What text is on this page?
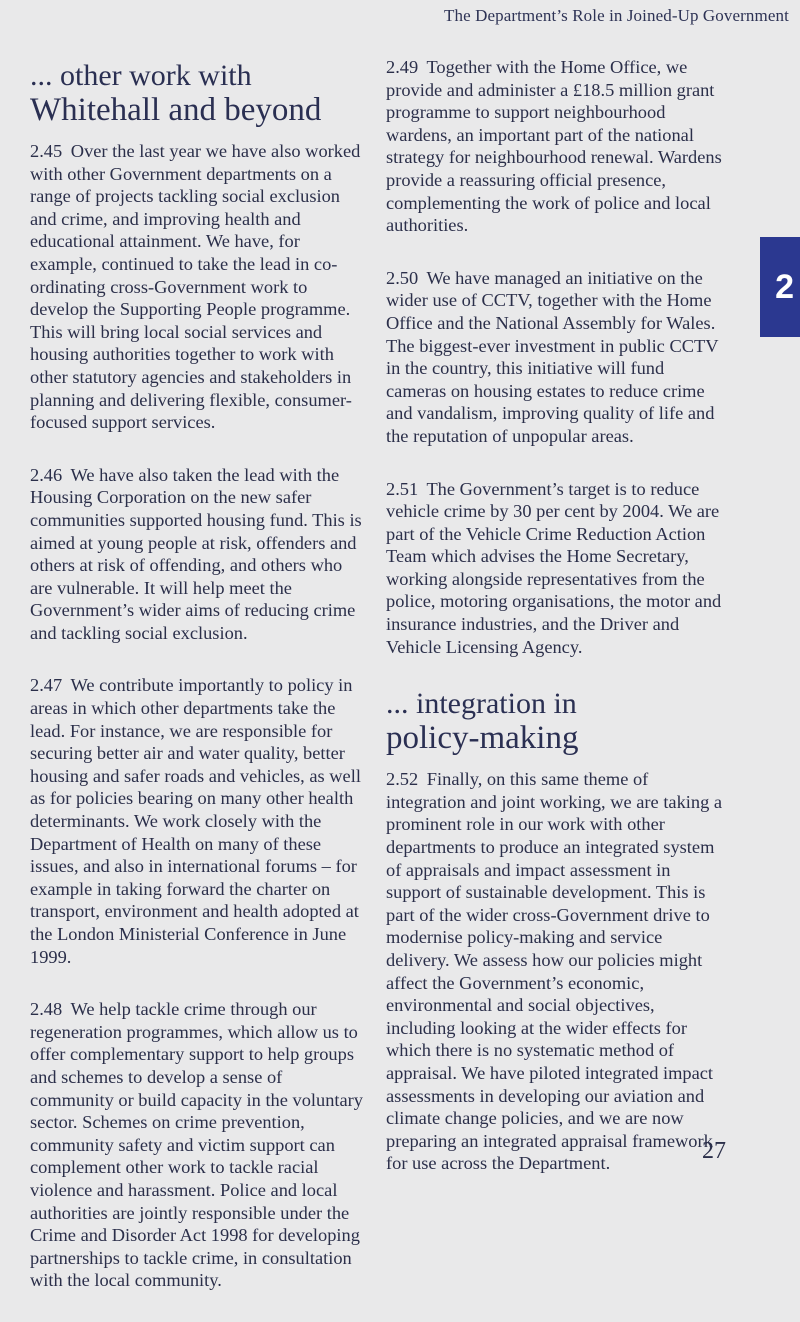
The Department’s Role in Joined-Up Government
2
... other work with
Whitehall and beyond

2.45 Over the last year we have also worked with other Government departments on a range of projects tackling social exclusion and crime, and improving health and educational attainment. We have, for example, continued to take the lead in co-ordinating cross-Government work to develop the Supporting People programme. This will bring local social services and housing authorities together to work with other statutory agencies and stakeholders in planning and delivering flexible, consumer-focused support services.

2.46 We have also taken the lead with the Housing Corporation on the new safer communities supported housing fund. This is aimed at young people at risk, offenders and others at risk of offending, and others who are vulnerable. It will help meet the Government’s wider aims of reducing crime and tackling social exclusion.

2.47 We contribute importantly to policy in areas in which other departments take the lead. For instance, we are responsible for securing better air and water quality, better housing and safer roads and vehicles, as well as for policies bearing on many other health determinants. We work closely with the Department of Health on many of these issues, and also in international forums – for example in taking forward the charter on transport, environment and health adopted at the London Ministerial Conference in June 1999.

2.48 We help tackle crime through our regeneration programmes, which allow us to offer complementary support to help groups and schemes to develop a sense of community or build capacity in the voluntary sector. Schemes on crime prevention, community safety and victim support can complement other work to tackle racial violence and harassment. Police and local authorities are jointly responsible under the Crime and Disorder Act 1998 for developing partnerships to tackle crime, in consultation with the local community.

2.49 Together with the Home Office, we provide and administer a £18.5 million grant programme to support neighbourhood wardens, an important part of the national strategy for neighbourhood renewal. Wardens provide a reassuring official presence, complementing the work of police and local authorities.

2.50 We have managed an initiative on the wider use of CCTV, together with the Home Office and the National Assembly for Wales. The biggest-ever investment in public CCTV in the country, this initiative will fund cameras on housing estates to reduce crime and vandalism, improving quality of life and the reputation of unpopular areas.

2.51 The Government’s target is to reduce vehicle crime by 30 per cent by 2004. We are part of the Vehicle Crime Reduction Action Team which advises the Home Secretary, working alongside representatives from the police, motoring organisations, the motor and insurance industries, and the Driver and Vehicle Licensing Agency.

... integration in
policy-making

2.52 Finally, on this same theme of integration and joint working, we are taking a prominent role in our work with other departments to produce an integrated system of appraisals and impact assessment in support of sustainable development. This is part of the wider cross-Government drive to modernise policy-making and service delivery. We assess how our policies might affect the Government’s economic, environmental and social objectives, including looking at the wider effects for which there is no systematic method of appraisal. We have piloted integrated impact assessments in developing our aviation and climate change policies, and we are now preparing an integrated appraisal framework for use across the Department.	27
